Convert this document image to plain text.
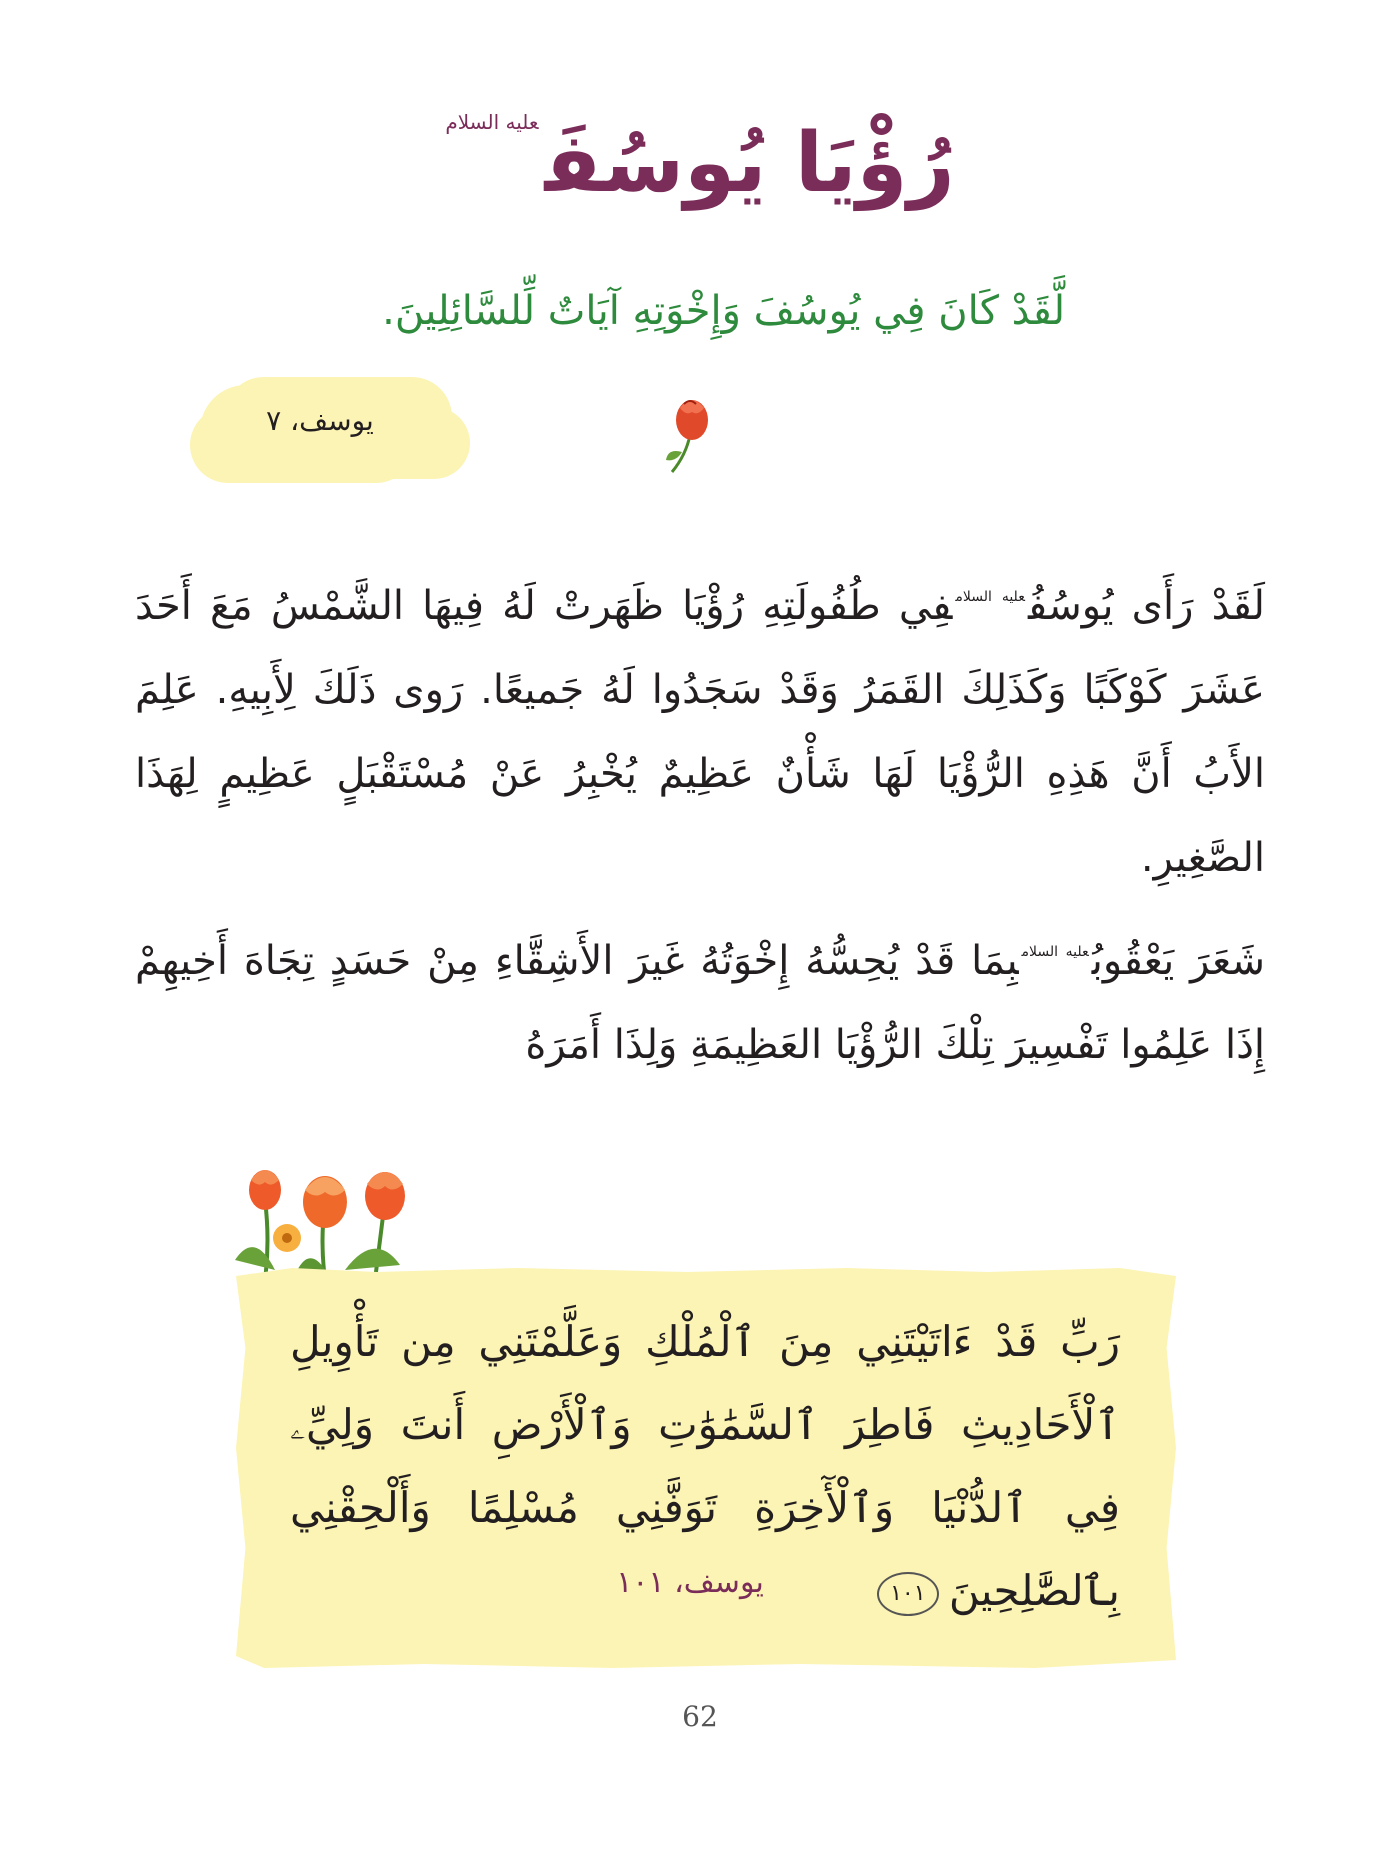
رُؤْيَا يُوسُفَ$^{عليه السلام}$
لَّقَدْ كَانَ فِي يُوسُفَ وَإِخْوَتِهِ آيَاتٌ لِّلسَّائِلِينَ.
يوسف، ٧

لَقَدْ رَأَى يُوسُفُ$^{عليه السلام}$فِي طُفُولَتِهِ رُؤْيَا ظَهَرتْ لَهُ فِيهَا الشَّمْسُ مَعَ أَحَدَ عَشَرَ كَوْكَبًا وَكَذَلِكَ القَمَرُ وَقَدْ سَجَدُوا لَهُ جَميعًا. رَوى ذَلَكَ لِأَبِيهِ. عَلِمَ الأَبُ أَنَّ هَذِهِ الرُّؤْيَا لَهَا شَأْنٌ عَظِيمٌ يُخْبِرُ عَنْ مُسْتَقْبَلٍ عَظِيمٍ لِهَذَا الصَّغِيرِ.

شَعَرَ يَعْقُوبُ$^{عليه السلام}$بِمَا قَدْ يُحِسُّهُ إِخْوَتُهُ غَيرَ الأَشِقَّاءِ مِنْ حَسَدٍ تِجَاهَ أَخِيهِمْ إِذَا عَلِمُوا تَفْسِيرَ تِلْكَ الرُّؤْيَا العَظِيمَةِ وَلِذَا أَمَرَهُ

رَبِّ قَدْ ءَاتَيْتَنِي مِنَ ٱلْمُلْكِ وَعَلَّمْتَنِي مِن تَأْوِيلِ ٱلْأَحَادِيثِ فَاطِرَ ٱلسَّمَٰوَٰتِ وَٱلْأَرْضِ أَنتَ وَلِيِّۦ فِي ٱلدُّنْيَا وَٱلْأٓخِرَةِ تَوَفَّنِي مُسْلِمًا وَأَلْحِقْنِي بِٱلصَّٰلِحِينَ١٠١
يوسف، ١٠١
62
